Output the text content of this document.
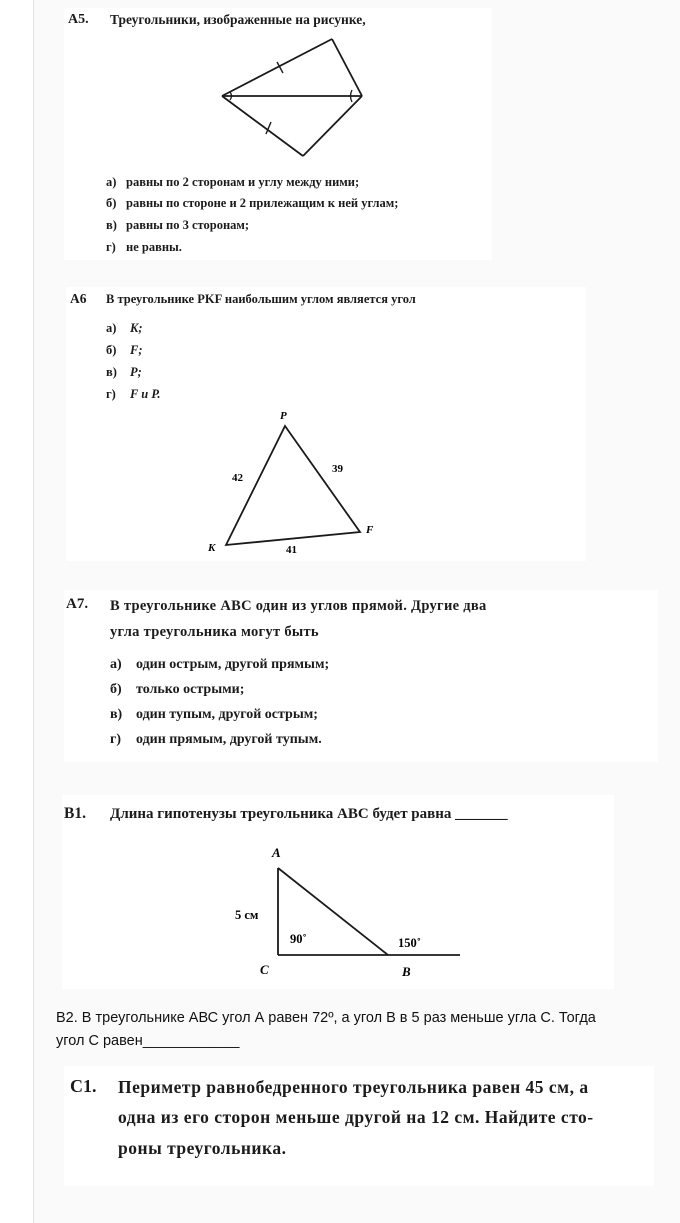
А5. Треугольники, изображенные на рисунке,
а) равны по 2 сторонам и углу между ними;
б) равны по стороне и 2 прилежащим к ней углам;
в) равны по 3 сторонам;
г) не равны.
А6 В треугольнике PKF наибольшим углом является угол
а) K;
б) F;
в) P;
г) F и P.
P
K
F
42
39
41
А7. В треугольнике ABC один из углов прямой. Другие два
угла треугольника могут быть
а) один острым, другой прямым;
б) только острыми;
в) один тупым, другой острым;
г) один прямым, другой тупым.
В1. Длина гипотенузы треугольника ABC будет равна _______
A
C	B
5 см
90˚	150˚
В2. В треугольнике АВС угол А равен 72º, а угол В в 5 раз меньше угла С. Тогда
угол С равен____________
С1. Периметр равнобедренного треугольника равен 45 см, а
одна из его сторон меньше другой на 12 см. Найдите сто-
роны треугольника.
